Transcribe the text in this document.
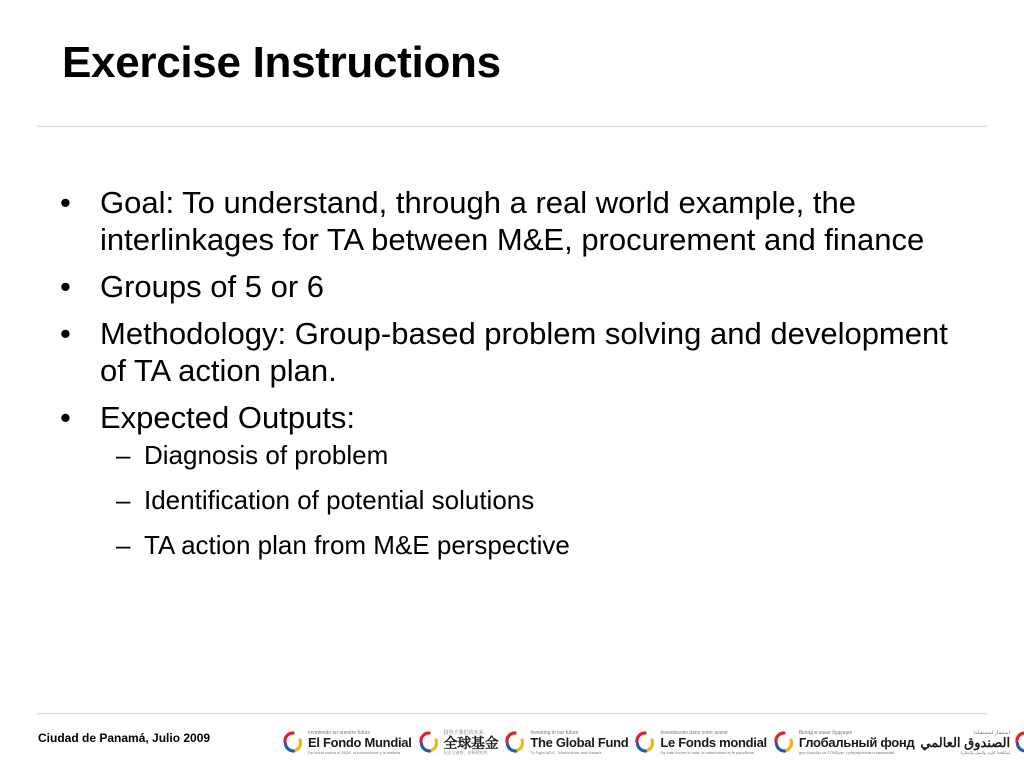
Exercise Instructions
• Goal: To understand, through a real world example, the interlinkages for TA between M&E, procurement and finance
• Groups of 5 or 6
• Methodology: Group-based problem solving and development of TA action plan.
• Expected Outputs:
– Diagnosis of problem
– Identification of potential solutions
– TA action plan from M&E perspective
Ciudad de Panamá, Julio 2009	Invirtiendo en nuestro futuro
El Fondo Mundial
De lucha contra el SIDA, la tuberculosis y la malaria
投资于我们的未来
全球基金
抗击艾滋病、结核和疟疾
Investing in our future
The Global Fund
To Fight AIDS, Tuberculosis and Malaria
Investissons dans notre avenir
Le Fonds mondial
De lutte contre le sida, la tuberculose et le paludisme
Вклад в наше будущее
Глобальный фонд
для борьбы со СПИДом, туберкулезом и малярией
استثمار لمستقبلنا
الصندوق العالمي
لمكافحة الإيدز والسل والملاريا
